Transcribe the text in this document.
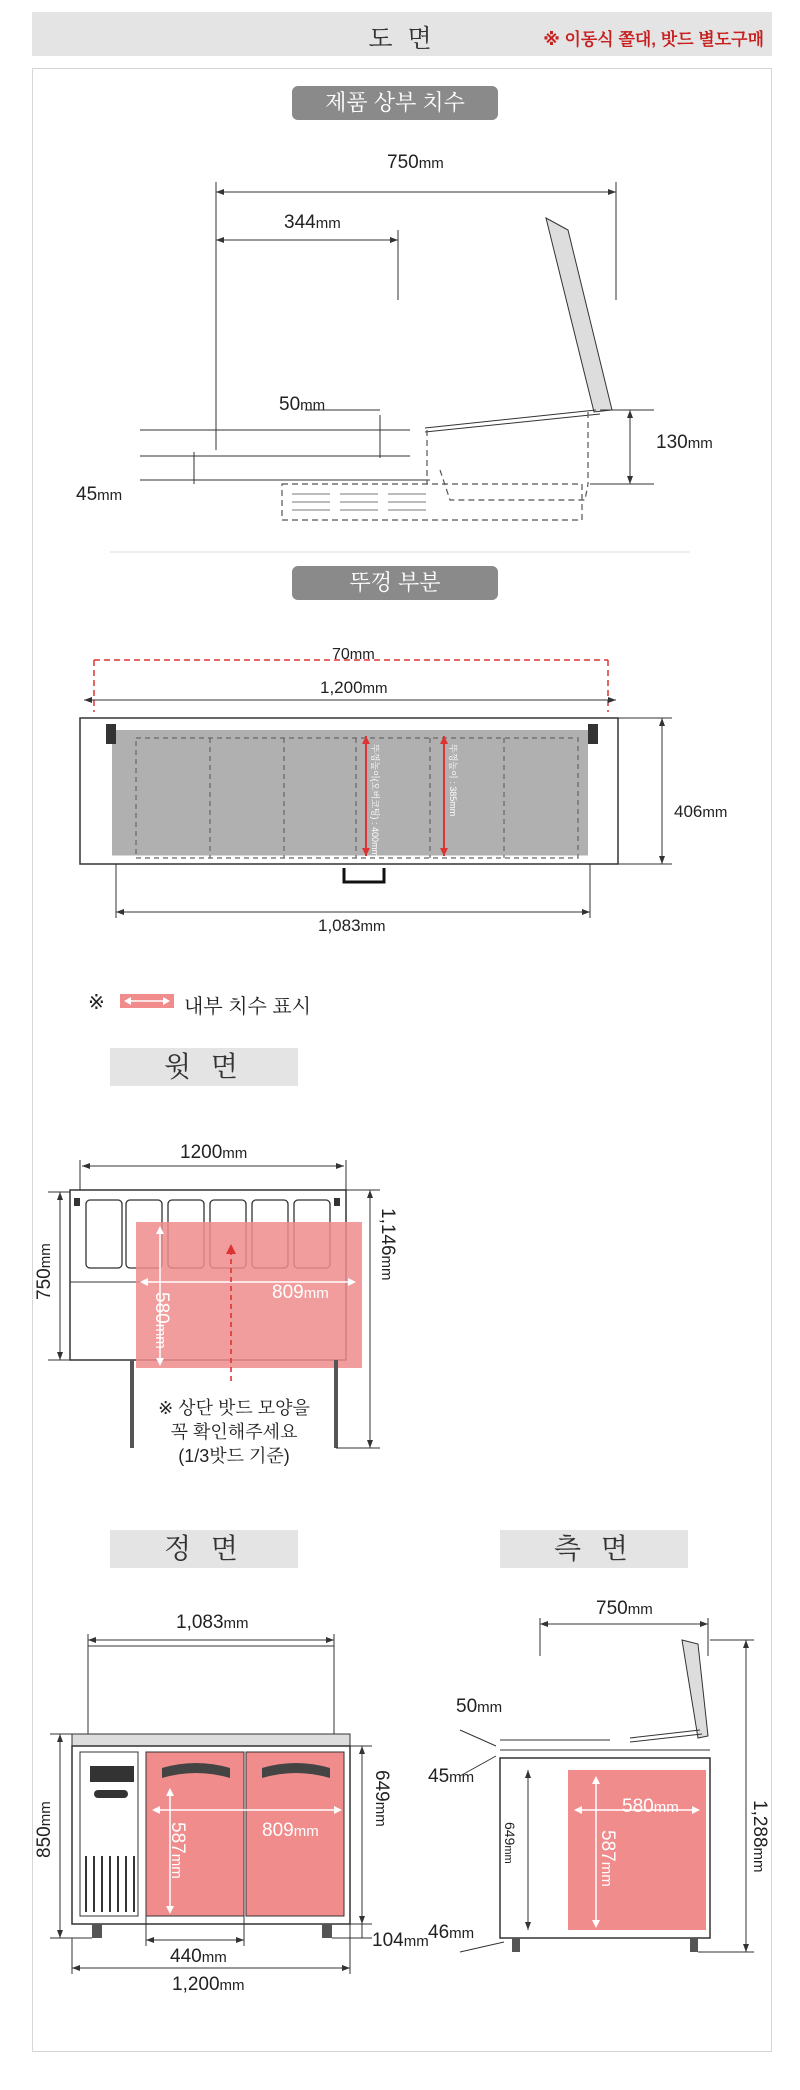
도 면	※ 이동식 쫄대, 밧드 별도구매
제품 상부 치수
750mm
344mm
50mm
45mm
130mm
뚜껑 부분
70mm
1,200mm
406mm
1,083mm
뚜껑높이(오버코팅) : 400mm	뚜껑높이 : 385mm
※	내부 치수 표시
윗 면
1200mm
750mm
1,146mm
580mm
809mm
※ 상단 밧드 모양을
꼭 확인해주세요
(1/3밧드 기준)
정 면
1,083mm
850mm
649mm
587mm
809mm
440mm
104mm
1,200mm
측 면
750mm
50mm
45mm
649mm
580mm
587mm
1,288mm
46mm
